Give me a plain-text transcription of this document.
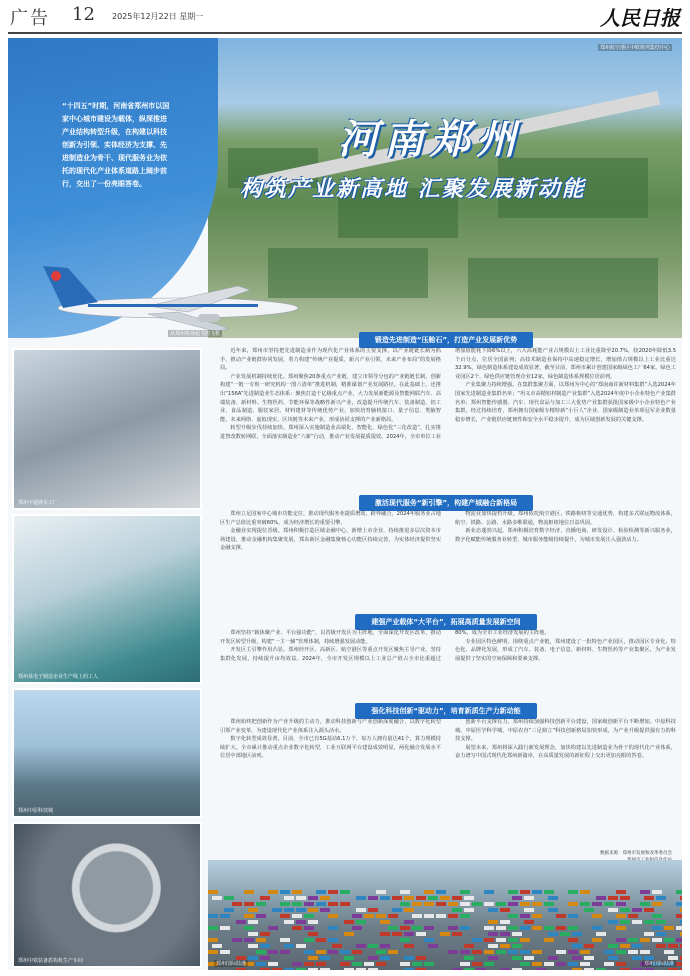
广告 12 2025年12月22日 星期一	人民日报
郑州航空港区中欧班列集结中心
“十四五”时期，河南省郑州市以国家中心城市建设为载体，纵深推进产业结构转型升级，在构建以科技创新为引领、实体经济为支撑、先进制造业为骨干、现代服务业为依托的现代化产业体系道路上阔步前行，交出了一份亮眼答卷。
河南郑州
构筑产业新高地 汇聚发展新动能
从郑州机场起飞的飞机
郑州宇通客车工厂
郑州某电子制造企业生产线上的工人
郑州中原科技城
郑州中铁装备盾构机生产车间
锻造先进制造“压舱石”，打造产业发展新优势

近年来，郑州市坚持把先进制造业作为现代化产业体系的主要支撑，以产业链链长制为抓手，推动产业链群协同发展，着力构建“传统产业提质、新兴产业引领、未来产业布局”的发展格局。

产业发展机制持续优化。郑州聚焦20条重点产业链，建立市领导分包的产业链链长制，创新构建“一链一专班一研究机构一图六清单”推进机制，精准谋划产业发展路径。在此基础上，还推出“156A”先进制造业生态体系：聚焦打造千亿级重点产业，大力发展新能源及智能网联汽车、高端装备、新材料、生物医药、节能环保等战略性新兴产业，改造提升传统汽车、装备制造、铝工业、食品制造、服装家居、材料建材等传统优势产业，加快培育脑机接口、量子信息、类脑智能、未来网络、虚拟现实、区块链等未来产业，形成协同支撑的产业新格局。

转型升级步伐持续加快。郑州深入实施制造业高端化、智能化、绿色化“三化改造”，扎实推进智改数转网联，全面落实制造业“六新”行动，推动产业发展提质提效。2024年，全市单位工业增加值能耗下降6%以上，六大高耗能产业占规模以上工业比重降至20.7%，较2020年降低3.5个百分点，位居全国前列；高技术制造业保持中高速稳定增长，增加值占规模以上工业比重达32.9%。绿色制造体系建设成效显著，截至目前，郑州市累计创建国家级绿色工厂64家、绿色工业园区2个、绿色供应链管理企业12家，绿色制造体系规模位居前列。

产业集聚力持续增强。在集群集聚方面，以郑州为中心的“郑南商许新材料集群”入选2024年国家先进制造业集群名单；“巩义市高精铝材制造产业集群”入选2024年度中小企业特色产业集群名单；郑州智能传感器、汽车、现代食品与加工三大优势产业集群获批国家级中小企业特色产业集群。经过持续培育，郑州拥有国家级专精特新“小巨人”企业、国家级制造业单项冠军企业数量稳步增长，产业链供应链韧性和安全水平稳步提升，成为区域创新发展的关键支撑。

激活现代服务“新引擎”，构建产城融合新格局

郑州立足国家中心城市功能定位，推动现代服务业提质增效，跨界融合，2024年服务业占地区生产总值比重突破60%，成为经济增长的重要引擎。

金融业实现提位晋级。郑州积极打造区域金融中心，新增上市企业，持续推进多层次资本市场建设，推动金融机构集聚发展，郑东新区金融集聚核心功能区持续完善，为实体经济提供坚实金融支撑。

物流业加快提档升级。郑州依托航空港区、铁路枢纽等交通优势，构建多式联运物流体系，航空、铁路、公路、水路多维联通，物流枢纽地位日益巩固。

新业态蓬勃兴起。郑州积极培育数字经济、直播电商、研发设计、检验检测等新兴服务业，数字化赋能传统服务业转型，城市服务能级持续提升，为城市发展注入强劲活力。

建强产业载体“大平台”，拓展高质量发展新空间

郑州坚持“载体聚产业、平台强功能”，以省级开发区为主阵地，全面深化开发区改革，推动开发区转型升级，构建“一主一辅”管理体制，持续增强发展动能。

开发区主引擎作用凸显。郑州经开区、高新区、航空港区等重点开发区聚焦主导产业，坚持集群化发展，持续提升亩均效益。2024年，全市开发区规模以上工业总产值占全市比重超过80%，成为全市工业经济发展的主阵地。

专业园区特色鲜明。围绕重点产业链，郑州建设了一批特色产业园区，推动园区专业化、特色化、品牌化发展，形成了汽车、装备、电子信息、新材料、生物医药等产业集聚区，为产业发展提供了坚实的空间保障和要素支撑。

强化科技创新“驱动力”，培育新质生产力新动能

郑州始终把创新作为产业升级的主动力，推动科技创新与产业创新深度融合，以数字化转型引领产业变革，为建设现代化产业体系注入源头活水。

数字化转型成效显著。目前，全市已有5G基站6.1万个、每万人拥有量达41个，算力规模持续扩大。全市累计推动重点企业数字化转型，工业互联网平台建设成效明显，两化融合发展水平位居中部地区前列。

创新平台支撑有力。郑州持续加强科技创新平台建设，国家级创新平台不断增加。中原科技城、中原医学科学城、中原农谷“三足鼎立”科技创新格局加快形成，为产业升级提供强有力的科技支撑。

展望未来，郑州将深入践行新发展理念，加快构建以先进制造业为骨干的现代化产业体系，奋力谱写中国式现代化郑州新篇章，在高质量发展的新征程上交出更加亮眼的答卷。

数据来源：郑州市发展和改革委员会

郑州国际陆港
郑州国际陆港
